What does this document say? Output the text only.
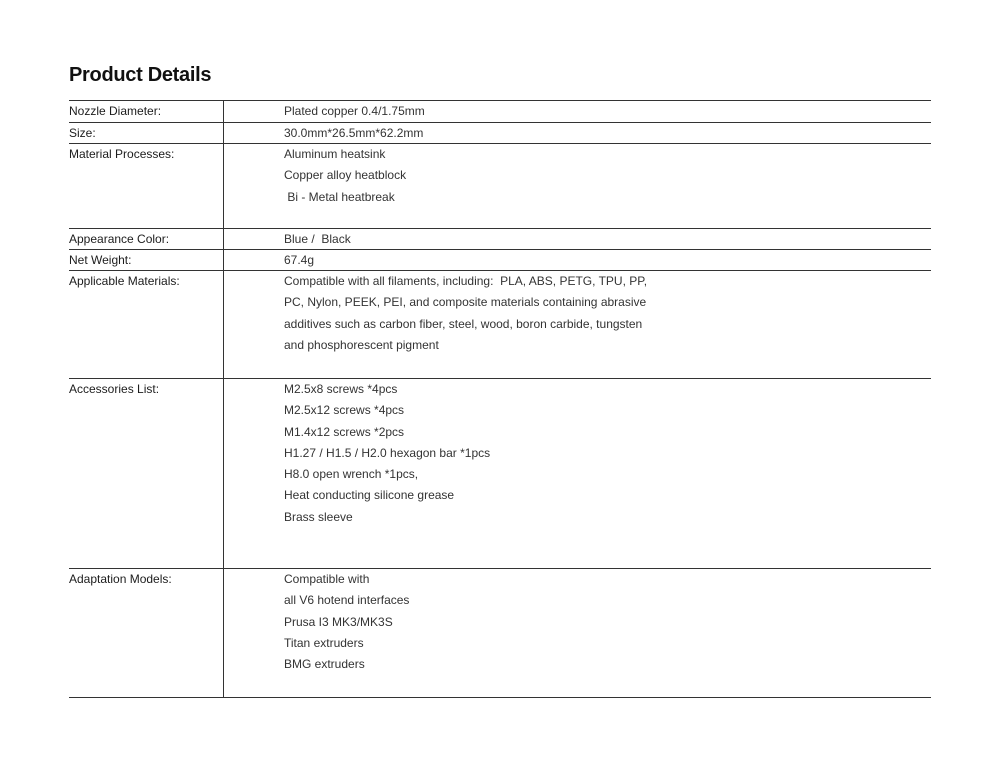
Product Details
Nozzle Diameter:	Plated copper 0.4/1.75mm
Size:	30.0mm*26.5mm*62.2mm
Material Processes:	Aluminum heatsink
Copper alloy heatblock
Bi - Metal heatbreak
Appearance Color:	Blue /  Black
Net Weight:	67.4g
Applicable Materials:	Compatible with all filaments, including:  PLA, ABS, PETG, TPU, PP,
PC, Nylon, PEEK, PEI, and composite materials containing abrasive
additives such as carbon fiber, steel, wood, boron carbide, tungsten
and phosphorescent pigment
Accessories List:	M2.5x8 screws *4pcs
M2.5x12 screws *4pcs
M1.4x12 screws *2pcs
H1.27 / H1.5 / H2.0 hexagon bar *1pcs
H8.0 open wrench *1pcs,
Heat conducting silicone grease
Brass sleeve
Adaptation Models:	Compatible with
all V6 hotend interfaces
Prusa I3 MK3/MK3S
Titan extruders
BMG extruders
